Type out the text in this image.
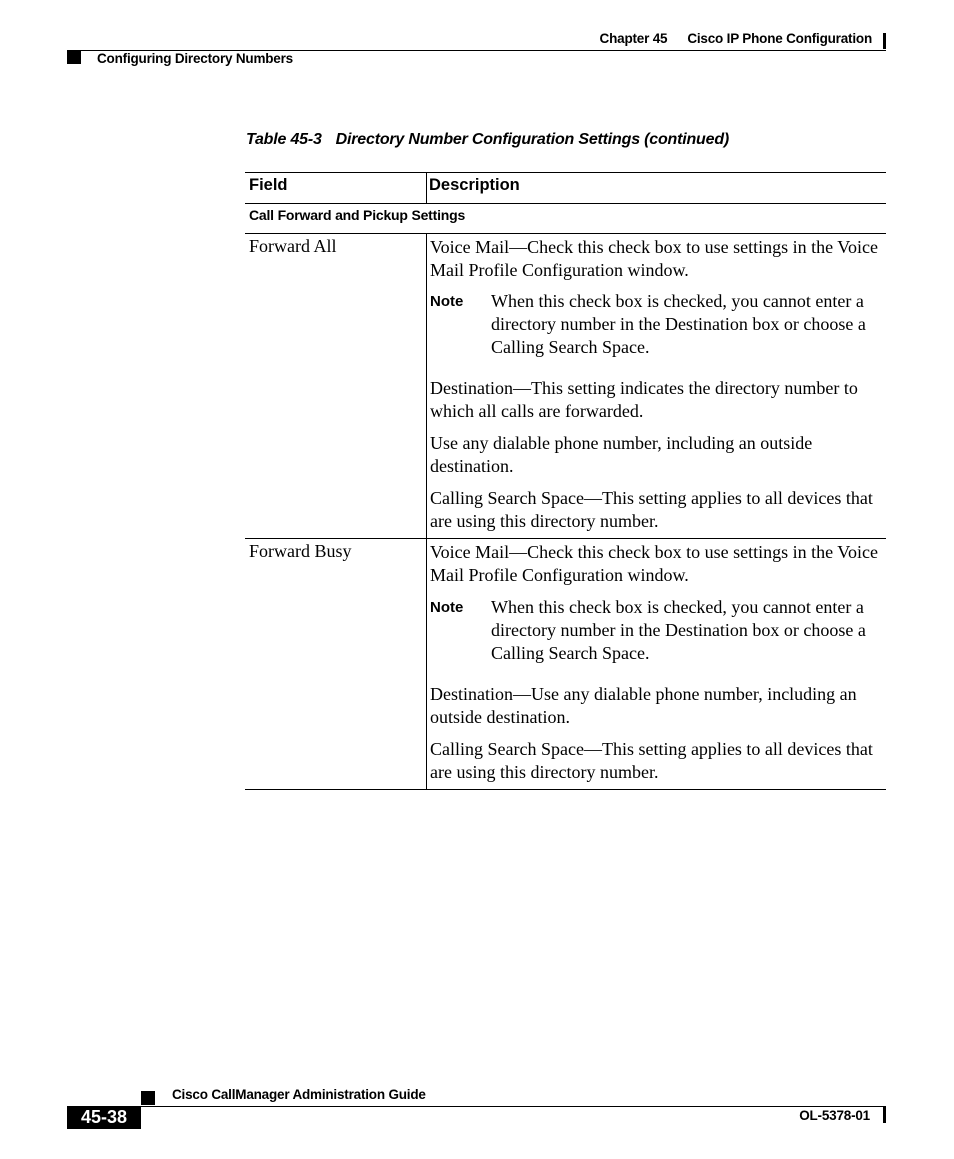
Chapter 45 Cisco IP Phone Configuration
Configuring Directory Numbers
Table 45-3 Directory Number Configuration Settings (continued)
Field	Description
Call Forward and Pickup Settings
Forward All	Voice Mail—Check this check box to use settings in the Voice Mail Profile Configuration window.

Note When this check box is checked, you cannot enter a directory number in the Destination box or choose a Calling Search Space.

Destination—This setting indicates the directory number to which all calls are forwarded.

Use any dialable phone number, including an outside destination.

Calling Search Space—This setting applies to all devices that are using this directory number.

Forward Busy	Voice Mail—Check this check box to use settings in the Voice Mail Profile Configuration window.

Note When this check box is checked, you cannot enter a directory number in the Destination box or choose a Calling Search Space.

Destination—Use any dialable phone number, including an outside destination.

Calling Search Space—This setting applies to all devices that are using this directory number.

Cisco CallManager Administration Guide
45-38	OL-5378-01
